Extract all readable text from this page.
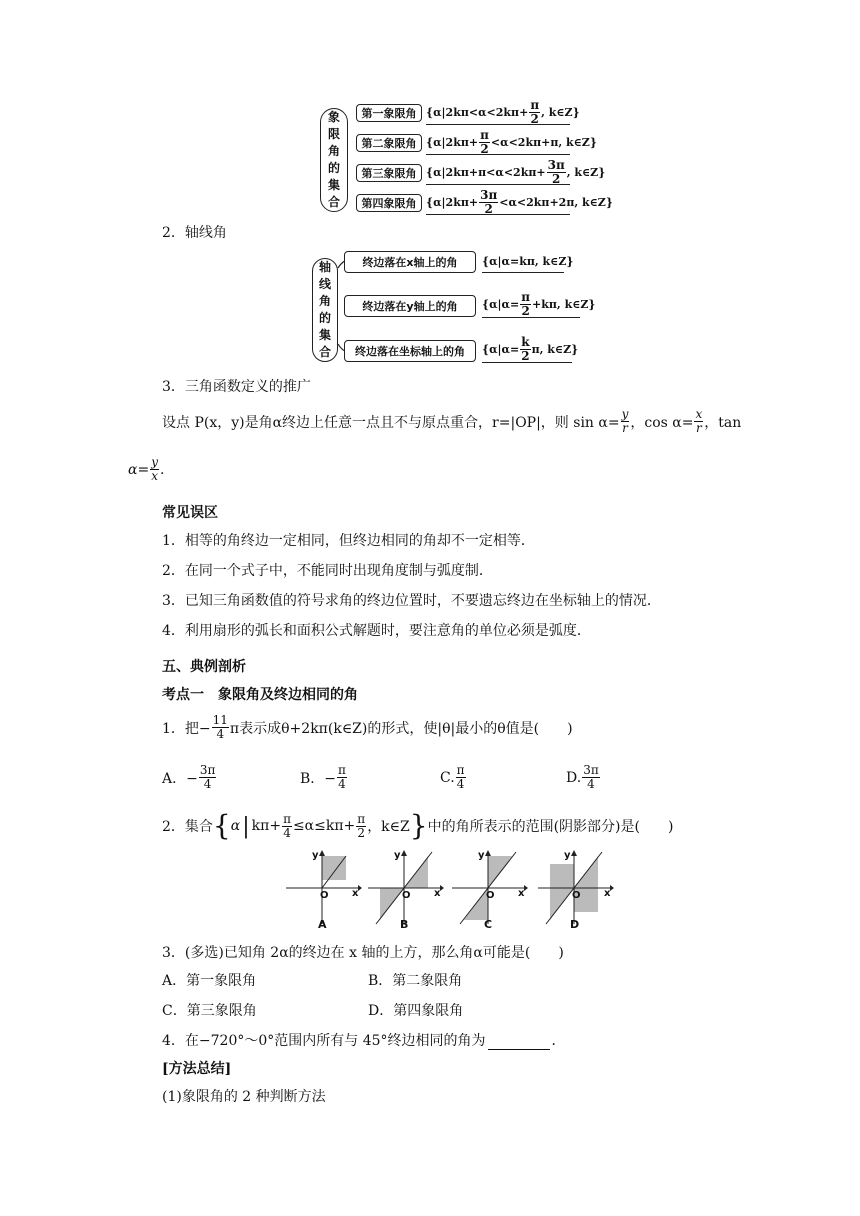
象
限
角
的
集
合
第一象限角 { $\alpha|2k\pi<\alpha<2k\pi+ \frac{\pi}{2}$ , k∈Z }
第二象限角 { $\alpha|2k\pi+ \frac{\pi}{2} <\alpha<2k\pi+\pi$, k∈Z }
第三象限角 { $\alpha|2k\pi+\pi<\alpha<2k\pi+ \frac{3\pi}{2}$ , k∈Z }
第四象限角 { $\alpha|2k\pi+ \frac{3\pi}{2} <\alpha<2k\pi+2\pi$, k∈Z }
2．轴线角
轴
线
角
的
集
合
终边落在x轴上的角	{ α|α=kπ, k∈Z }
终边落在y轴上的角	{ $\alpha|\alpha= \frac{\pi}{2} +k\pi$, k∈Z }
终边落在坐标轴上的角	{ $\alpha|\alpha= \frac{k}{2} \pi$, k∈Z }
3．三角函数定义的推广
设点 P(x，y)是角α终边上任意一点且不与原点重合，r=|OP|，则 $\sin \alpha= \frac{y}{r}$ ，$\cos \alpha= \frac{x}{r}$ ，tan
$\alpha= \frac{y}{x}$ .
常见误区
1．相等的角终边一定相同，但终边相同的角却不一定相等．
2．在同一个式子中，不能同时出现角度制与弧度制．
3．已知三角函数值的符号求角的终边位置时，不要遗忘终边在坐标轴上的情况．
4．利用扇形的弧长和面积公式解题时，要注意角的单位必须是弧度．
五、典例剖析
考点一　象限角及终边相同的角
1．把− $\frac{11}{4}$ π表示成θ+2kπ(k∈Z)的形式，使|θ|最小的θ值是(　　)
A．− $\frac{3\pi}{4}$	B．− $\frac{\pi}{4}$	C. $\frac{\pi}{4}$	D. $\frac{3\pi}{4}$
2．集合 { α | $k\pi+ \frac{\pi}{4} \le\alpha\le k\pi+ \frac{\pi}{2}$ ，k∈Z } 中的角所表示的范围(阴影部分)是(　　)
y
x
O
A
y
x
O
B
y
x
O
C
y
x
O
D
3．(多选)已知角 2α的终边在 x 轴的上方，那么角α可能是(　　)
A．第一象限角	B．第二象限角
C．第三象限角	D．第四象限角
4．在−720°～0°范围内所有与 45°终边相同的角为	．
[方法总结]
(1)象限角的 2 种判断方法
